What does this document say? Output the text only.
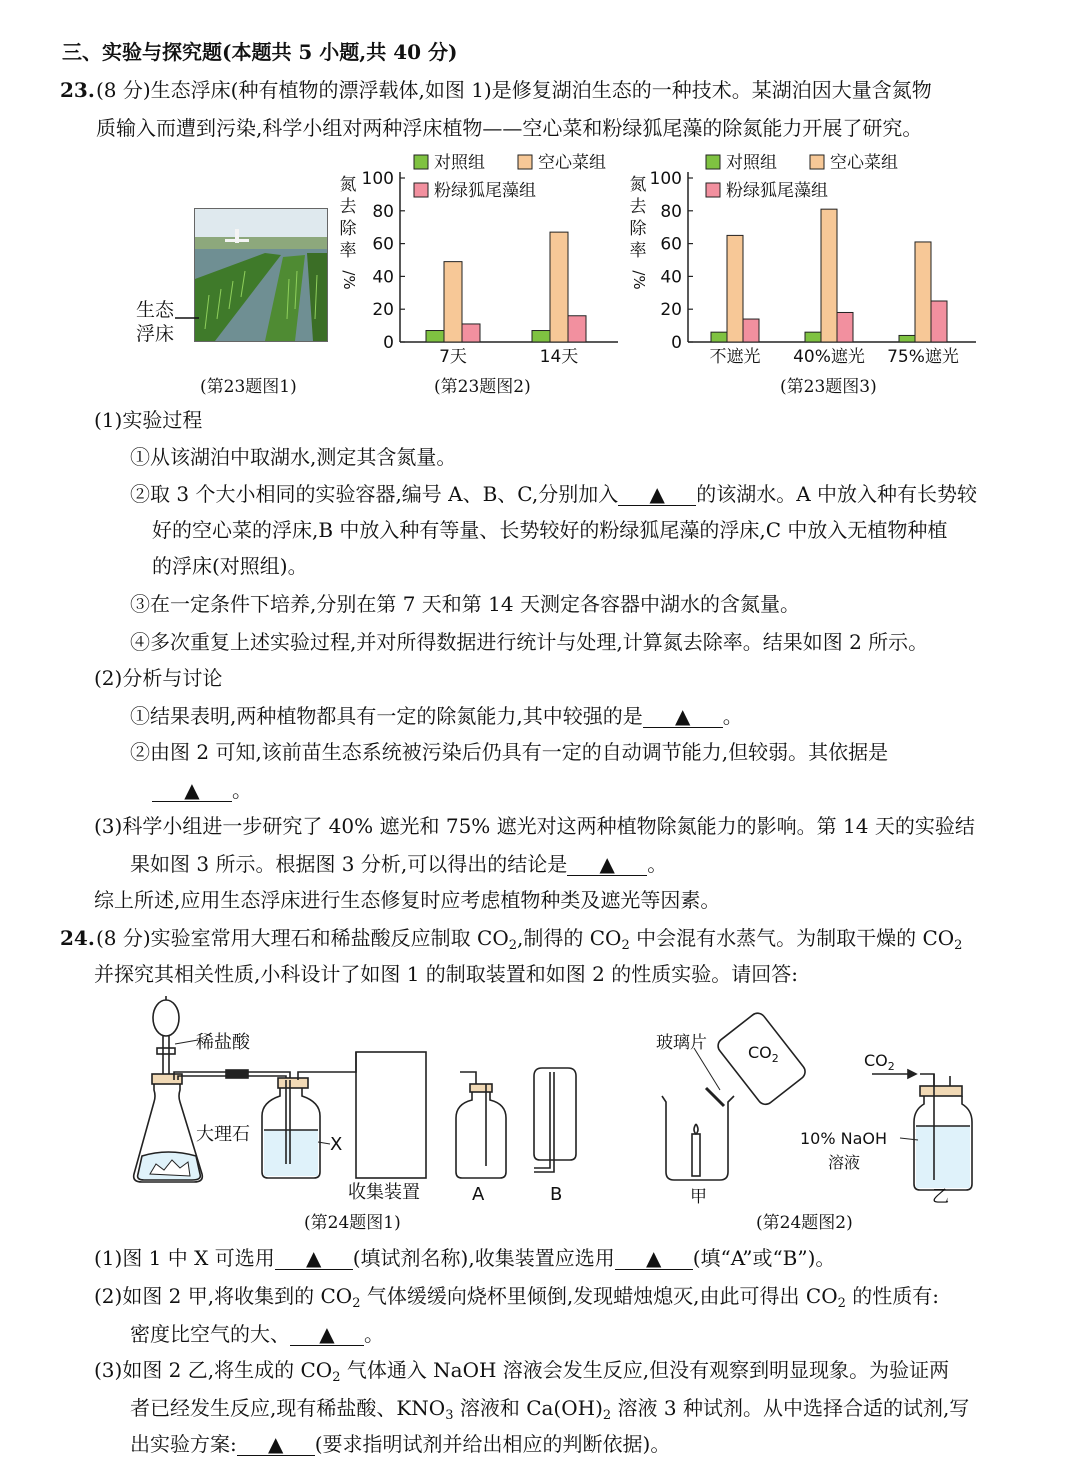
三、实验与探究题(本题共 5 小题,共 40 分)
23. (8 分)生态浮床(种有植物的漂浮载体,如图 1)是修复湖泊生态的一种技术。某湖泊因大量含氮物
质输入而遭到污染,科学小组对两种浮床植物——空心菜和粉绿狐尾藻的除氮能力开展了研究。
生态
浮床
(第23题图1)
对照组	空心菜组
粉绿狐尾藻组
氮
去
除
率
/%
0
20
40
60
80
100
7天	14天
(第23题图2)
对照组	空心菜组
粉绿狐尾藻组
氮
去
除
率
/%
0
20
40
60
80
100
不遮光 40%遮光 75%遮光
(第23题图3)
(1)实验过程
①从该湖泊中取湖水,测定其含氮量。
②取 3 个大小相同的实验容器,编号 A、B、C,分别加入 ▲ 的该湖水。A 中放入种有长势较
好的空心菜的浮床,B 中放入种有等量、长势较好的粉绿狐尾藻的浮床,C 中放入无植物种植
的浮床(对照组)。
③在一定条件下培养,分别在第 7 天和第 14 天测定各容器中湖水的含氮量。
④多次重复上述实验过程,并对所得数据进行统计与处理,计算氮去除率。结果如图 2 所示。
(2)分析与讨论
①结果表明,两种植物都具有一定的除氮能力,其中较强的是 ▲ 。
②由图 2 可知,该前苗生态系统被污染后仍具有一定的自动调节能力,但较弱。其依据是
▲ 。
(3)科学小组进一步研究了 40% 遮光和 75% 遮光对这两种植物除氮能力的影响。第 14 天的实验结
果如图 3 所示。根据图 3 分析,可以得出的结论是 ▲ 。
综上所述,应用生态浮床进行生态修复时应考虑植物种类及遮光等因素。
24. (8 分)实验室常用大理石和稀盐酸反应制取 $CO_2$,制得的 $CO_2$ 中会混有水蒸气。为制取干燥的 $CO_2$
并探究其相关性质,小科设计了如图 1 的制取装置和如图 2 的性质实验。请回答:
稀盐酸
大理石	X
收集装置	A	B
(第24题图1)
玻璃片	$CO_2$	$CO_2$
10% NaOH
溶液
甲	乙
(第24题图2)
(1)图 1 中 X 可选用 ▲ (填试剂名称),收集装置应选用 ▲ (填“A”或“B”)。
(2)如图 2 甲,将收集到的 $CO_2$ 气体缓缓向烧杯里倾倒,发现蜡烛熄灭,由此可得出 $CO_2$ 的性质有:
密度比空气的大、 ▲ 。
(3)如图 2 乙,将生成的 $CO_2$ 气体通入 NaOH 溶液会发生反应,但没有观察到明显现象。为验证两
者已经发生反应,现有稀盐酸、$KNO_3$ 溶液和 $Ca(OH)_2$ 溶液 3 种试剂。从中选择合适的试剂,写
出实验方案: ▲ (要求指明试剂并给出相应的判断依据)。
